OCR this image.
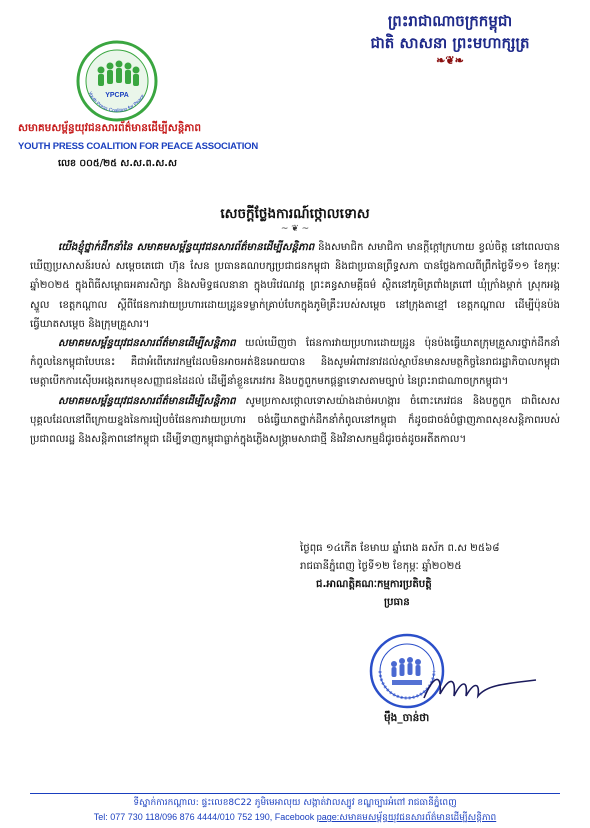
ព្រះរាជាណាចក្រកម្ពុជា
ជាតិ សាសនា ព្រះមហាក្សត្រ
❧❦❧
YPCPA
Youth Press Coalition for Peace
សមាគមសម្ព័ន្ធយុវជនសារព័ត៌មានដើម្បីសន្តិភាព
YOUTH PRESS COALITION FOR PEACE ASSOCIATION
លេខ ០០៥/២៥ ស.ស.ព.ស.ស
សេចក្តីថ្លែងការណ៍ថ្កោលទោស
~ ❦ ~

យើងខ្ញុំថ្នាក់ដឹកនាំនៃ សមាគមសម្ព័ន្ធយុវជនសារព័ត៌មានដើម្បីសន្តិភាព និងសមាជិក សមាជិកា មានក្តីក្តៅក្រហាយ ខ្វល់ចិត្ត នៅពេលបានឃើញប្រសាសន៍របស់ សម្តេចតេជោ ហ៊ុន សែន ប្រធានគណបក្សប្រជាជនកម្ពុជា និងជាប្រធានព្រឹទ្ធសភា បានថ្លែងកាលពីព្រឹកថ្ងៃទី១១ ខែកុម្ភៈ ឆ្នាំ២០២៥ ក្នុងពិធីសម្ពោធអគារសិក្សា និងសមិទ្ធផលនានា ក្នុងបរិវេណវត្ត ព្រះគន្ធសាមគ្គីធម៌ ស្ថិតនៅភូមិត្រពាំងត្រពៅ ឃុំក្រាំងម្កាក់ ស្រុកអង្គស្នួល ខេត្តកណ្តាល ស្តីពីផែនការវាយប្រហារដោយដ្រូនទម្លាក់គ្រាប់បែកក្នុងភូមិគ្រឹះរបស់សម្តេច នៅក្រុងតាខ្មៅ ខេត្តកណ្តាល ដើម្បីប៉ុនប៉ងធ្វើឃាតសម្តេច និងក្រុមគ្រួសារ។

សមាគមសម្ព័ន្ធយុវជនសារព័ត៌មានដើម្បីសន្តិភាព យល់ឃើញថា ផែនការវាយប្រហារដោយដ្រូន ប៉ុនប៉ងធ្វើឃាតក្រុមគ្រួសារថ្នាក់ដឹកនាំកំពូលនៃកម្ពុជាបែបនេះ គឺជាអំពើភេរវកម្មដែលមិនអាចអត់ឱនអោយបាន និងសូមអំពាវនាវដល់ស្ថាប័នមានសមត្ថកិច្ចនៃរាជរដ្ឋាភិបាលកម្ពុជា មេត្តាបើកការស៊ើបអង្កេតរកមុខសញ្ញាជនដៃដល់ ដើម្បីនាំខ្លួនភេរវករ និងបក្ខពួកមកផ្តន្ទាទោសតាមច្បាប់ នៃព្រះរាជាណាចក្រកម្ពុជា។

សមាគមសម្ព័ន្ធយុវជនសារព័ត៌មានដើម្បីសន្តិភាព សូមប្រកាសថ្កោលទោសយ៉ាងដាច់អហង្ការ ចំពោះភេរវជន និងបក្ខពួក ជាពិសេស បុគ្គលដែលនៅពីក្រោយខ្នងនៃការរៀបចំផែនការវាយប្រហារ ចង់ធ្វើឃាតថ្នាក់ដឹកនាំកំពូលនៅកម្ពុជា ក៏ដូចជាចង់បំផ្លាញភាពសុខសន្តិភាពរបស់ប្រជាពលរដ្ឋ និងសន្តិភាពនៅកម្ពុជា ដើម្បីទាញកម្ពុជាធ្លាក់ក្នុងភ្លើងសង្គ្រាមសាជាថ្មី និងវិនាសកម្មដ៏ជូរចត់ដូចអតីតកាល។

ថ្ងៃពុធ ១៤កើត ខែមាឃ ឆ្នាំរោង ឆស័ក ព.ស ២៥៦៨
រាជធានីភ្នំពេញ ថ្ងៃទី១២ ខែកុម្ភៈ ឆ្នាំ២០២៥
ជ.អាណត្តិគណៈកម្មការប្រតិបត្តិ
ប្រធាន
Amm
ម៉ឹង_ចាន់ថា
ទីស្នាក់ការកណ្តាល: ផ្ទះលេខ8C22 ភូមិមេអាលុយ សង្កាត់វាលស្បូវ ខណ្ឌច្បារអំពៅ រាជធានីភ្នំពេញ
Tel: 077 730 118/096 876 4444/010 752 190, Facebook page:សមាគមសម្ព័ន្ធយុវជនសារព័ត៌មានដើម្បីសន្តិភាព
